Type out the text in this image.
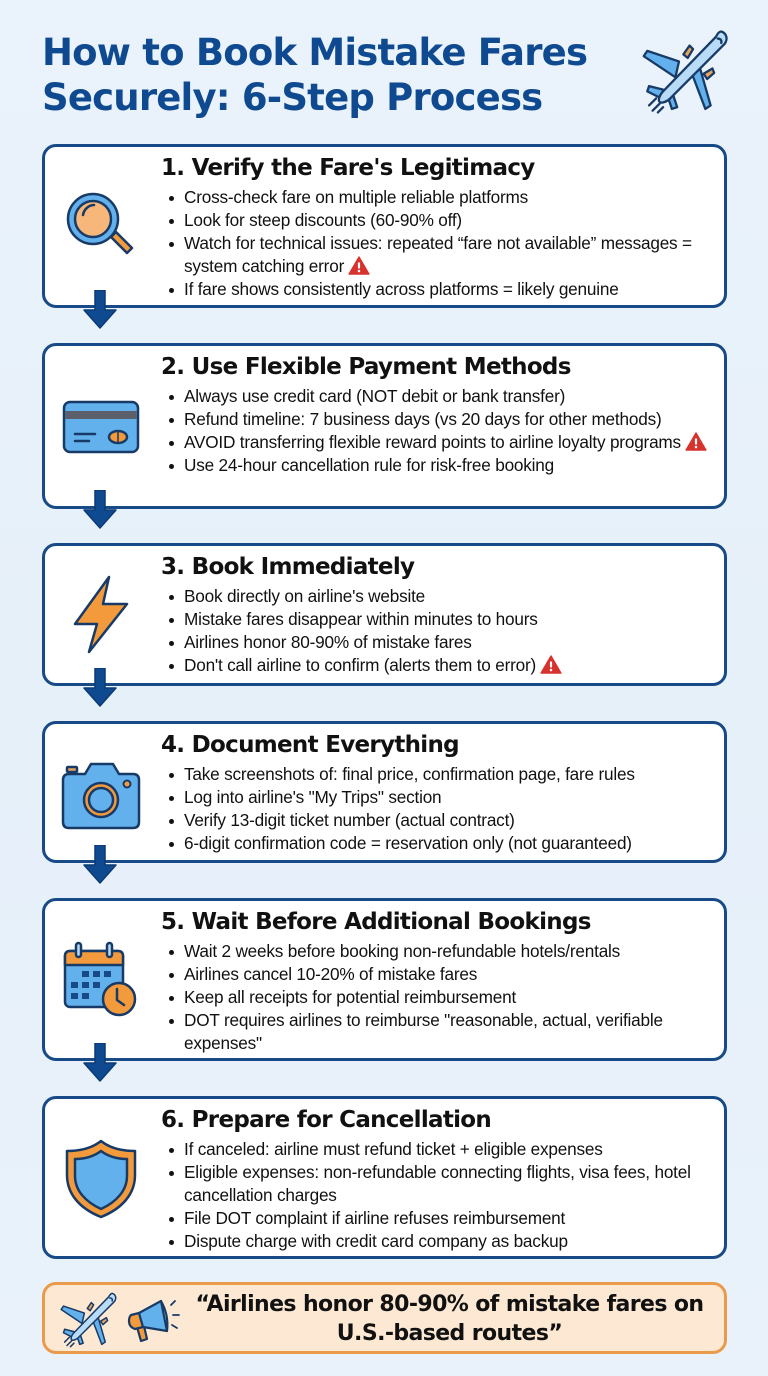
How to Book Mistake Fares Securely: 6-Step Process
1. Verify the Fare's Legitimacy
Cross-check fare on multiple reliable platforms
Look for steep discounts (60-90% off)
Watch for technical issues: repeated “fare not available” messages = system catching error
If fare shows consistently across platforms = likely genuine
2. Use Flexible Payment Methods
Always use credit card (NOT debit or bank transfer)
Refund timeline: 7 business days (vs 20 days for other methods)
AVOID transferring flexible reward points to airline loyalty programs
Use 24-hour cancellation rule for risk-free booking
3. Book Immediately
Book directly on airline's website
Mistake fares disappear within minutes to hours
Airlines honor 80-90% of mistake fares
Don't call airline to confirm (alerts them to error)
4. Document Everything
Take screenshots of: final price, confirmation page, fare rules
Log into airline's "My Trips" section
Verify 13-digit ticket number (actual contract)
6-digit confirmation code = reservation only (not guaranteed)
5. Wait Before Additional Bookings
Wait 2 weeks before booking non-refundable hotels/rentals
Airlines cancel 10-20% of mistake fares
Keep all receipts for potential reimbursement
DOT requires airlines to reimburse "reasonable, actual, verifiable expenses"
6. Prepare for Cancellation
If canceled: airline must refund ticket + eligible expenses
Eligible expenses: non-refundable connecting flights, visa fees, hotel cancellation charges
File DOT complaint if airline refuses reimbursement
Dispute charge with credit card company as backup
“Airlines honor 80-90% of mistake fares on U.S.-based routes”
